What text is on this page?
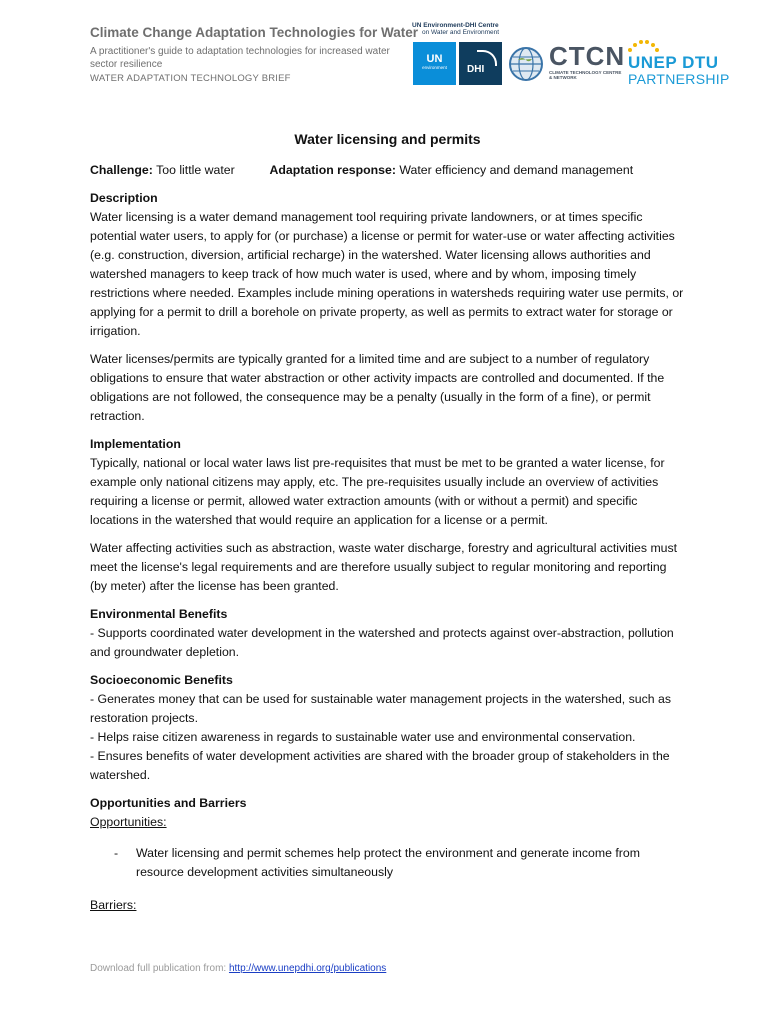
Climate Change Adaptation Technologies for Water
A practitioner's guide to adaptation technologies for increased water sector resilience
WATER ADAPTATION TECHNOLOGY BRIEF
UN Environment-DHI Centre
on Water and Environment
UN
environment	DHI CTCN
CLIMATE TECHNOLOGY CENTRE & NETWORK
UNEP DTU
PARTNERSHIP
Water licensing and permits
Challenge: Too little water	Adaptation response: Water efficiency and demand management
Description

Water licensing is a water demand management tool requiring private landowners, or at times specific potential water users, to apply for (or purchase) a license or permit for water-use or water affecting activities (e.g. construction, diversion, artificial recharge) in the watershed. Water licensing allows authorities and watershed managers to keep track of how much water is used, where and by whom, imposing timely restrictions where needed. Examples include mining operations in watersheds requiring water use permits, or applying for a permit to drill a borehole on private property, as well as permits to extract water for storage or irrigation.

Water licenses/permits are typically granted for a limited time and are subject to a number of regulatory obligations to ensure that water abstraction or other activity impacts are controlled and documented. If the obligations are not followed, the consequence may be a penalty (usually in the form of a fine), or permit retraction.

Implementation

Typically, national or local water laws list pre-requisites that must be met to be granted a water license, for example only national citizens may apply, etc. The pre-requisites usually include an overview of activities requiring a license or permit, allowed water extraction amounts (with or without a permit) and specific locations in the watershed that would require an application for a license or a permit.

Water affecting activities such as abstraction, waste water discharge, forestry and agricultural activities must meet the license's legal requirements and are therefore usually subject to regular monitoring and reporting (by meter) after the license has been granted.

Environmental Benefits

- Supports coordinated water development in the watershed and protects against over-abstraction, pollution and groundwater depletion.

Socioeconomic Benefits

- Generates money that can be used for sustainable water management projects in the watershed, such as restoration projects.

- Helps raise citizen awareness in regards to sustainable water use and environmental conservation.

- Ensures benefits of water development activities are shared with the broader group of stakeholders in the watershed.

Opportunities and Barriers
Opportunities:
-	Water licensing and permit schemes help protect the environment and generate income from resource development activities simultaneously
Barriers:
Download full publication from: http://www.unepdhi.org/publications
